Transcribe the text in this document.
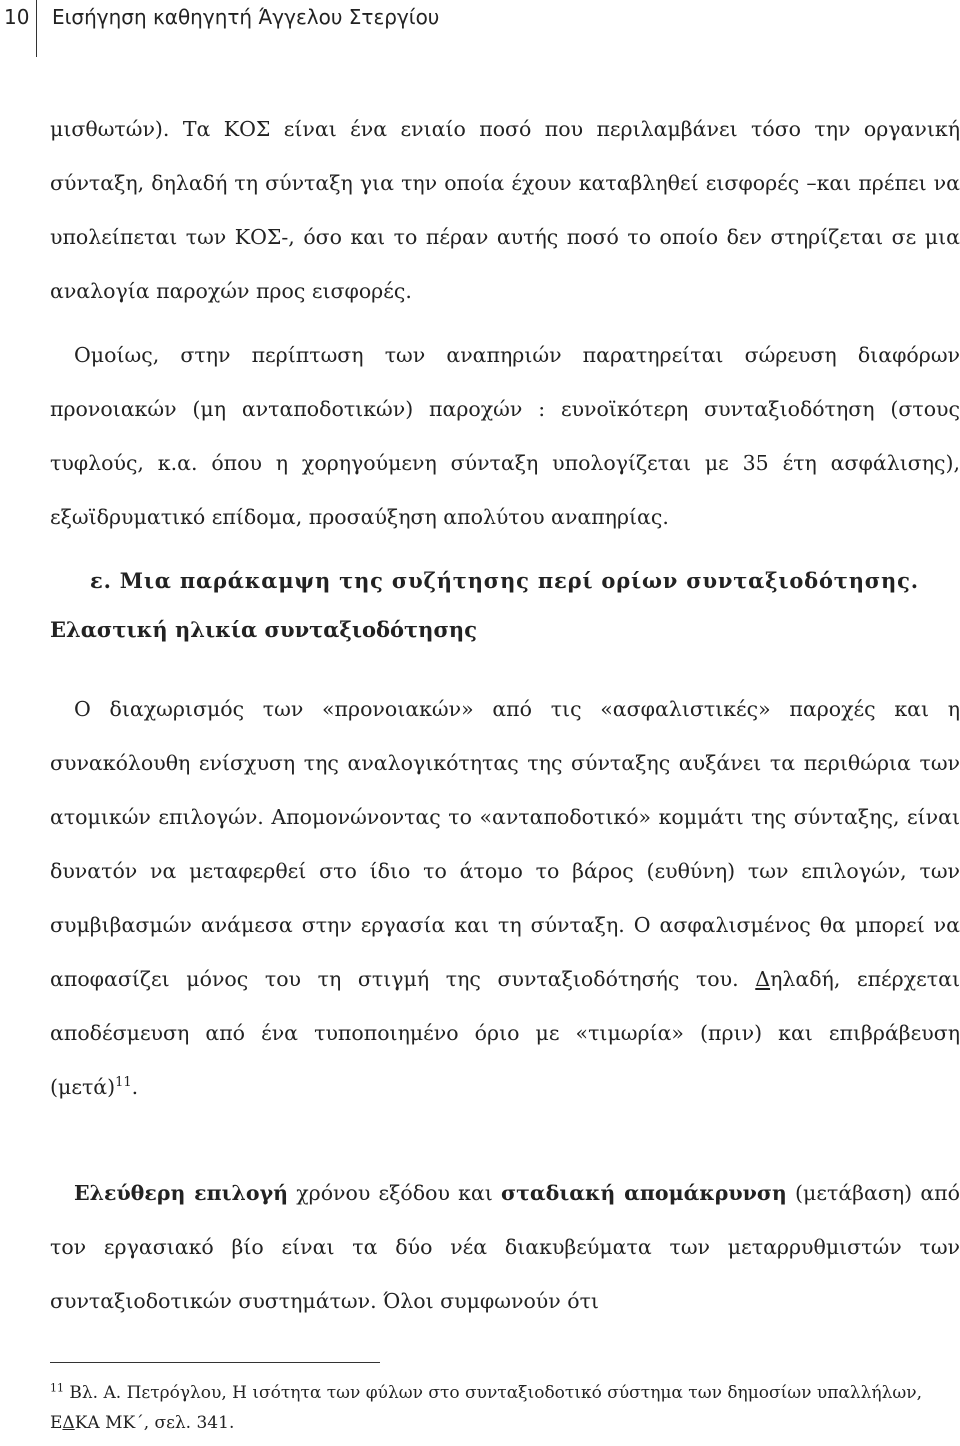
10 Εισήγηση καθηγητή Άγγελου Στεργίου

μισθωτών). Τα ΚΟΣ είναι ένα ενιαίο ποσό που περιλαμβάνει τόσο την οργανική σύνταξη, δηλαδή τη σύνταξη για την οποία έχουν καταβληθεί εισφορές –και πρέπει να υπολείπεται των ΚΟΣ-, όσο και το πέραν αυτής ποσό το οποίο δεν στηρίζεται σε μια αναλογία παροχών προς εισφορές.

Ομοίως, στην περίπτωση των αναπηριών παρατηρείται σώρευση διαφόρων προνοιακών (μη ανταποδοτικών) παροχών : ευνοϊκότερη συνταξιοδότηση (στους τυφλούς, κ.α. όπου η χορηγούμενη σύνταξη υπολογίζεται με 35 έτη ασφάλισης), εξωϊδρυματικό επίδομα, προσαύξηση απολύτου αναπηρίας.

ε. Μια παράκαμψη της συζήτησης περί ορίων συνταξιοδότησης.

Ελαστική ηλικία συνταξιοδότησης

Ο διαχωρισμός των «προνοιακών» από τις «ασφαλιστικές» παροχές και η συνακόλουθη ενίσχυση της αναλογικότητας της σύνταξης αυξάνει τα περιθώρια των ατομικών επιλογών. Απομονώνοντας το «ανταποδοτικό» κομμάτι της σύνταξης, είναι δυνατόν να μεταφερθεί στο ίδιο το άτομο το βάρος (ευθύνη) των επιλογών, των συμβιβασμών ανάμεσα στην εργασία και τη σύνταξη. Ο ασφαλισμένος θα μπορεί να αποφασίζει μόνος του τη στιγμή της συνταξιοδότησής του. Δηλαδή, επέρχεται αποδέσμευση από ένα τυποποιημένο όριο με «τιμωρία» (πριν) και επιβράβευση $(\mu\varepsilon\tau ά)^{11}$.

Ελεύθερη επιλογή χρόνου εξόδου και σταδιακή απομάκρυνση (μετάβαση) από τον εργασιακό βίο είναι τα δύο νέα διακυβεύματα των μεταρρυθμιστών των συνταξιοδοτικών συστημάτων. Όλοι συμφωνούν ότι

$^{11}$ Βλ. Α. Πετρόγλου, Η ισότητα των φύλων στο συνταξιοδοτικό σύστημα των δημοσίων υπαλλήλων, ΕΔΚΑ ΜΚ΄, σελ. 341.
